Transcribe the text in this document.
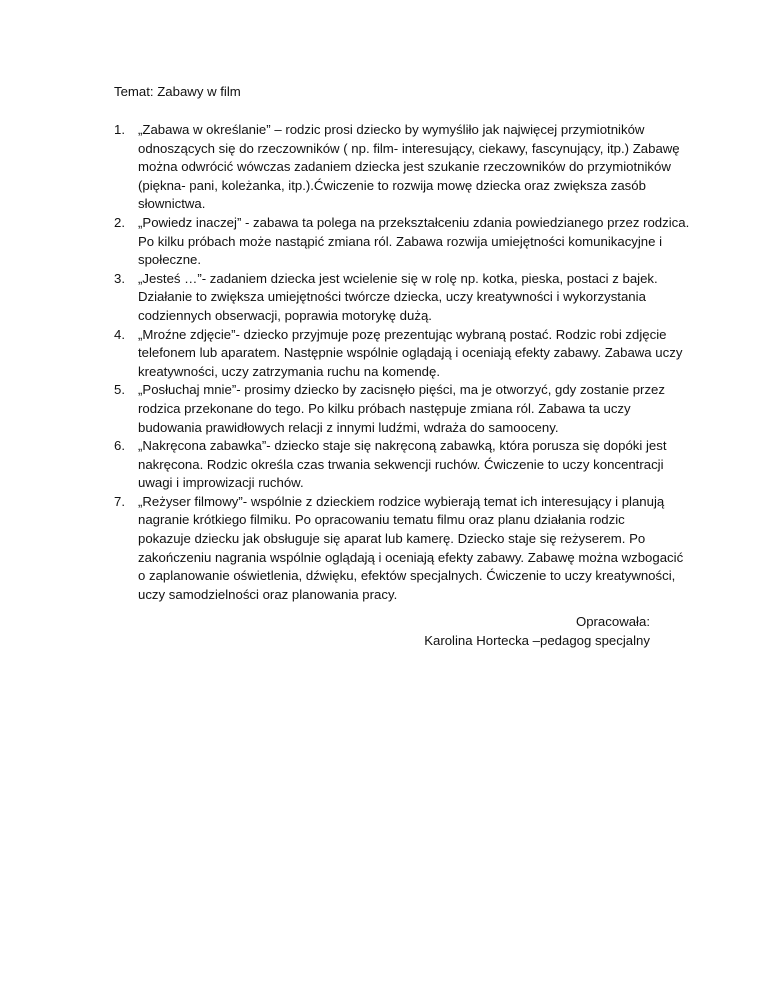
Temat: Zabawy w film
1. „Zabawa w określanie” – rodzic prosi dziecko by wymyśliło jak najwięcej przymiotników
odnoszących się do rzeczowników ( np. film- interesujący, ciekawy, fascynujący, itp.) Zabawę
można odwrócić wówczas zadaniem dziecka jest szukanie rzeczowników do przymiotników
(piękna- pani, koleżanka, itp.).Ćwiczenie to rozwija mowę dziecka oraz zwiększa zasób
słownictwa.
2. „Powiedz inaczej” - zabawa ta polega na przekształceniu zdania powiedzianego przez rodzica.
Po kilku próbach może nastąpić zmiana ról. Zabawa rozwija umiejętności komunikacyjne i
społeczne.
3. „Jesteś …”- zadaniem dziecka jest wcielenie się w rolę np. kotka, pieska, postaci z bajek.
Działanie to zwiększa umiejętności twórcze dziecka, uczy kreatywności i wykorzystania
codziennych obserwacji, poprawia motorykę dużą.
4. „Mroźne zdjęcie”- dziecko przyjmuje pozę prezentując wybraną postać. Rodzic robi zdjęcie
telefonem lub aparatem. Następnie wspólnie oglądają i oceniają efekty zabawy. Zabawa uczy
kreatywności, uczy zatrzymania ruchu na komendę.
5. „Posłuchaj mnie”- prosimy dziecko by zacisnęło pięści, ma je otworzyć, gdy zostanie przez
rodzica przekonane do tego. Po kilku próbach następuje zmiana ról. Zabawa ta uczy
budowania prawidłowych relacji z innymi ludźmi, wdraża do samooceny.
6. „Nakręcona zabawka”- dziecko staje się nakręconą zabawką, która porusza się dopóki jest
nakręcona. Rodzic określa czas trwania sekwencji ruchów. Ćwiczenie to uczy koncentracji
uwagi i improwizacji ruchów.
7. „Reżyser filmowy”- wspólnie z dzieckiem rodzice wybierają temat ich interesujący i planują
nagranie krótkiego filmiku. Po opracowaniu tematu filmu oraz planu działania rodzic
pokazuje dziecku jak obsługuje się aparat lub kamerę. Dziecko staje się reżyserem. Po
zakończeniu nagrania wspólnie oglądają i oceniają efekty zabawy. Zabawę można wzbogacić
o zaplanowanie oświetlenia, dźwięku, efektów specjalnych. Ćwiczenie to uczy kreatywności,
uczy samodzielności oraz planowania pracy.
Opracowała:
Karolina Hortecka –pedagog specjalny
